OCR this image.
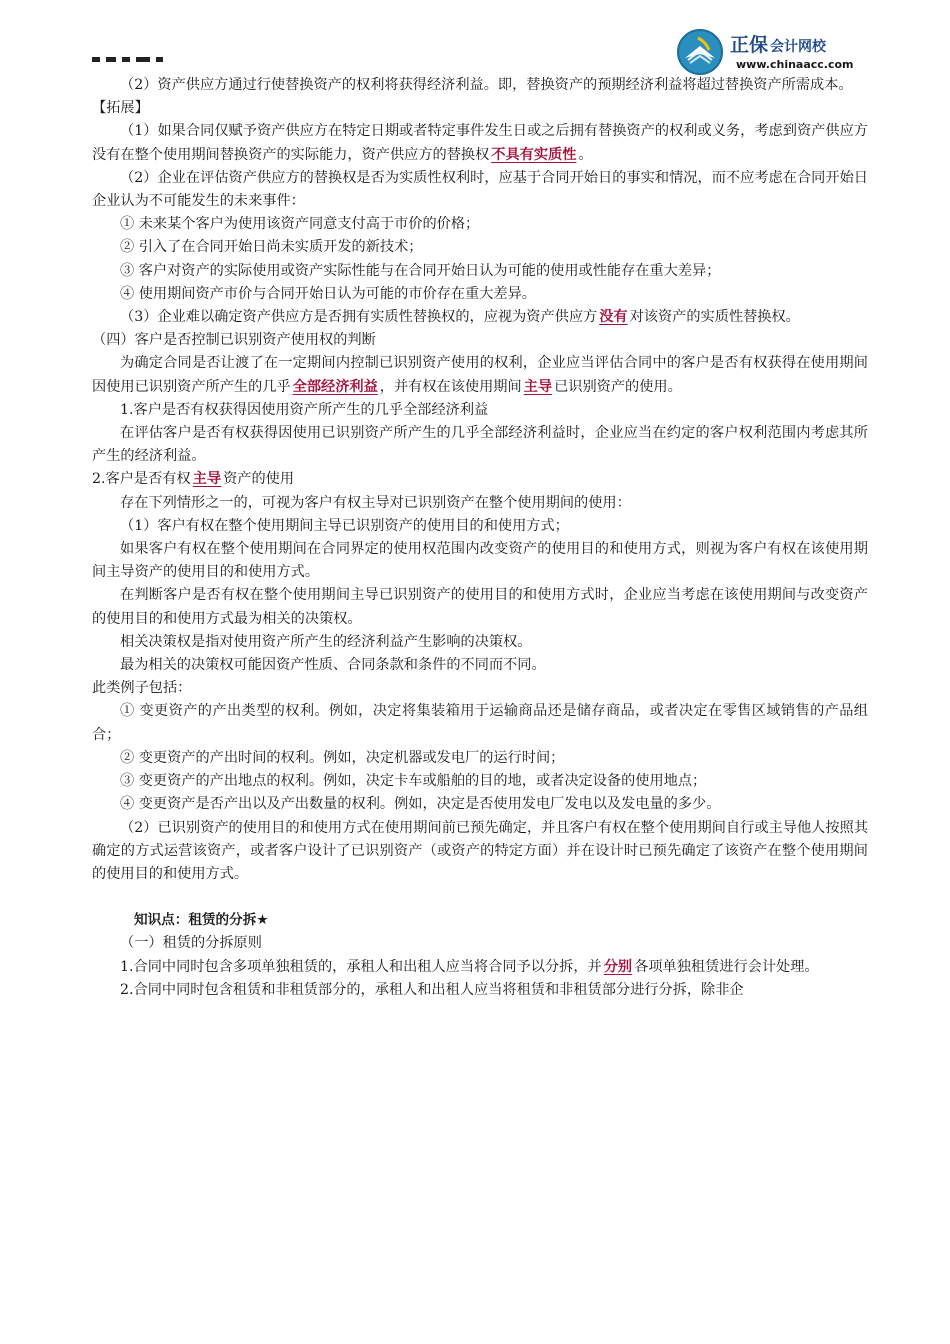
正保 会计网校
www.chinaacc.com

（2）资产供应方通过行使替换资产的权利将获得经济利益。即，替换资产的预期经济利益将超过替换资产所需成本。

【拓展】

（1）如果合同仅赋予资产供应方在特定日期或者特定事件发生日或之后拥有替换资产的权利或义务，考虑到资产供应方没有在整个使用期间替换资产的实际能力，资产供应方的替换权 不具有实质性 。

（2）企业在评估资产供应方的替换权是否为实质性权利时，应基于合同开始日的事实和情况，而不应考虑在合同开始日企业认为不可能发生的未来事件：

① 未来某个客户为使用该资产同意支付高于市价的价格；

② 引入了在合同开始日尚未实质开发的新技术；

③ 客户对资产的实际使用或资产实际性能与在合同开始日认为可能的使用或性能存在重大差异；

④ 使用期间资产市价与合同开始日认为可能的市价存在重大差异。

（3）企业难以确定资产供应方是否拥有实质性替换权的，应视为资产供应方 没有 对该资产的实质性替换权。

（四）客户是否控制已识别资产使用权的判断

为确定合同是否让渡了在一定期间内控制已识别资产使用的权利，企业应当评估合同中的客户是否有权获得在使用期间因使用已识别资产所产生的几乎 全部经济利益 ，并有权在该使用期间 主导 已识别资产的使用。

1.客户是否有权获得因使用资产所产生的几乎全部经济利益

在评估客户是否有权获得因使用已识别资产所产生的几乎全部经济利益时，企业应当在约定的客户权利范围内考虑其所产生的经济利益。

2.客户是否有权 主导 资产的使用

存在下列情形之一的，可视为客户有权主导对已识别资产在整个使用期间的使用：

（1）客户有权在整个使用期间主导已识别资产的使用目的和使用方式；

如果客户有权在整个使用期间在合同界定的使用权范围内改变资产的使用目的和使用方式，则视为客户有权在该使用期间主导资产的使用目的和使用方式。

在判断客户是否有权在整个使用期间主导已识别资产的使用目的和使用方式时，企业应当考虑在该使用期间与改变资产的使用目的和使用方式最为相关的决策权。

相关决策权是指对使用资产所产生的经济利益产生影响的决策权。

最为相关的决策权可能因资产性质、合同条款和条件的不同而不同。

此类例子包括：

① 变更资产的产出类型的权利。例如，决定将集装箱用于运输商品还是储存商品，或者决定在零售区域销售的产品组合；

② 变更资产的产出时间的权利。例如，决定机器或发电厂的运行时间；

③ 变更资产的产出地点的权利。例如，决定卡车或船舶的目的地，或者决定设备的使用地点；

④ 变更资产是否产出以及产出数量的权利。例如，决定是否使用发电厂发电以及发电量的多少。

（2）已识别资产的使用目的和使用方式在使用期间前已预先确定，并且客户有权在整个使用期间自行或主导他人按照其确定的方式运营该资产，或者客户设计了已识别资产（或资产的特定方面）并在设计时已预先确定了该资产在整个使用期间的使用目的和使用方式。

知识点：租赁的分拆★

（一）租赁的分拆原则

1.合同中同时包含多项单独租赁的，承租人和出租人应当将合同予以分拆，并 分别 各项单独租赁进行会计处理。

2.合同中同时包含租赁和非租赁部分的，承租人和出租人应当将租赁和非租赁部分进行分拆，除非企
